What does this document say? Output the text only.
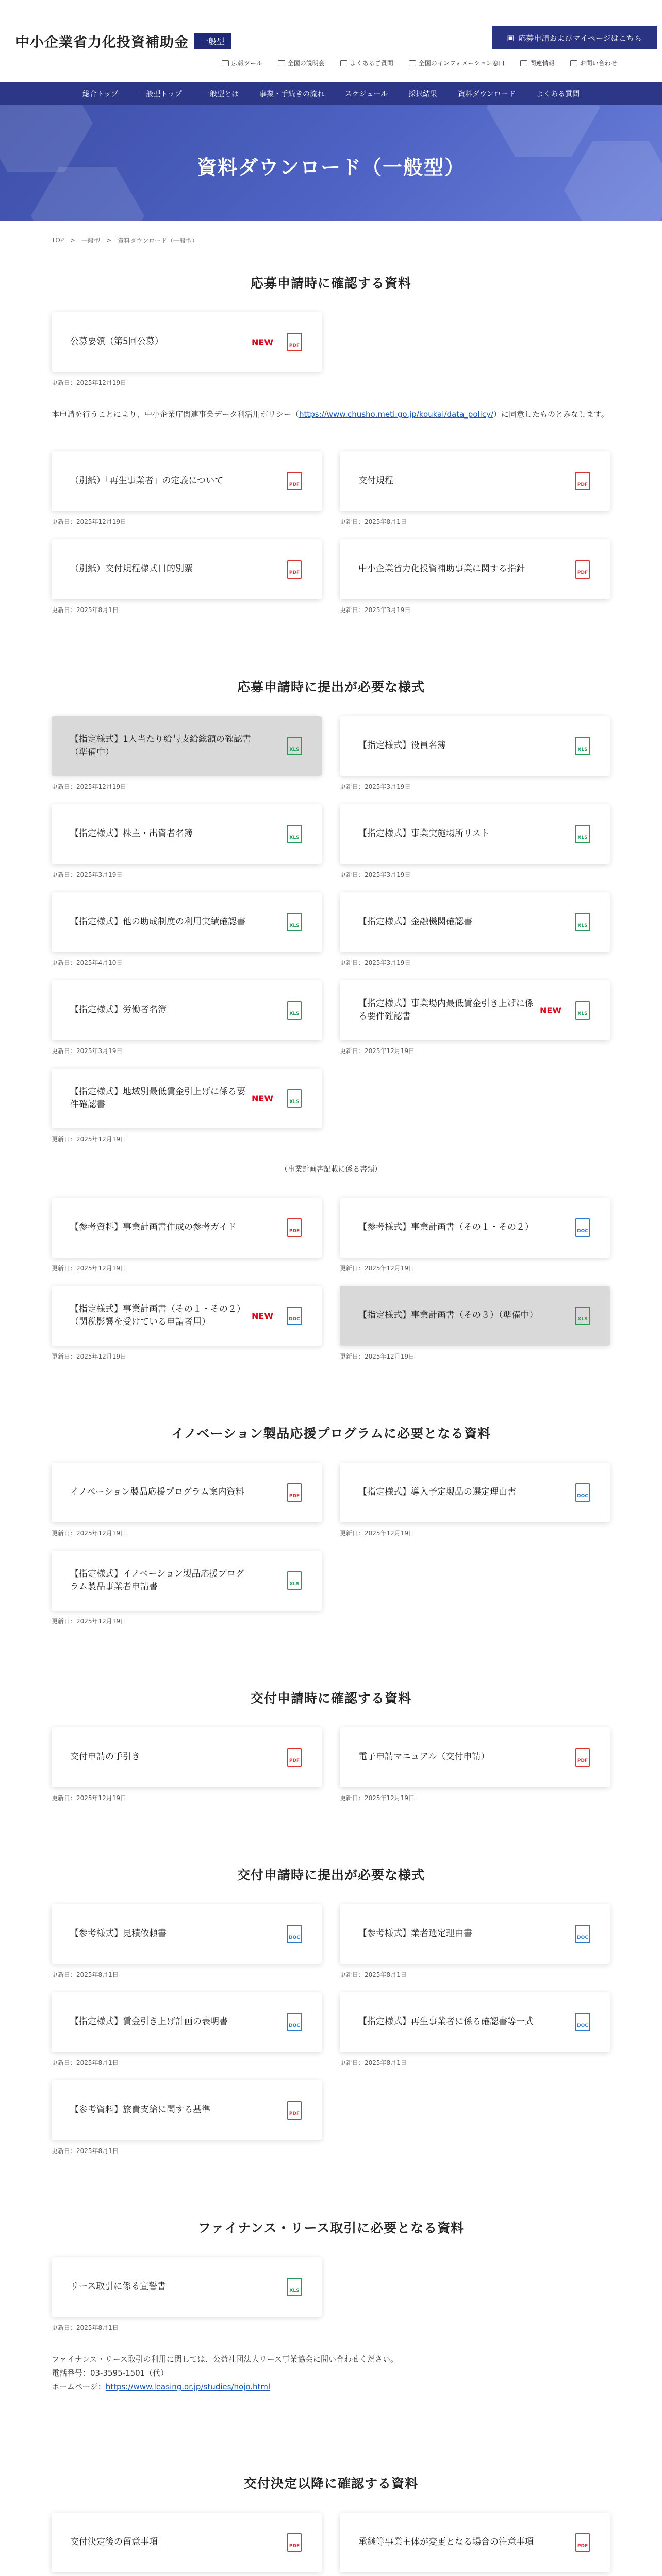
中小企業省力化投資補助金	一般型	▣ 応募申請およびマイページはこちら
広報ツール	全国の説明会	よくあるご質問	全国のインフォメーション窓口	関連情報	お問い合わせ
総合トップ	一般型トップ	一般型とは	事業・手続きの流れ	スケジュール	採択結果	資料ダウンロード	よくある質問
資料ダウンロード（一般型）
TOP > 一般型 > 資料ダウンロード（一般型）
応募申請時に確認する資料
公募要領（第5回公募）	NEW	PDF
更新日：2025年12月19日

本申請を行うことにより、中小企業庁関連事業データ利活用ポリシー（https://www.chusho.meti.go.jp/koukai/data_policy/）に同意したものとみなします。

（別紙）「再生事業者」の定義について	PDF
更新日：2025年12月19日
交付規程	PDF
更新日：2025年8月1日
（別紙）交付規程様式目的別票	PDF
更新日：2025年8月1日
中小企業省力化投資補助事業に関する指針	PDF
更新日：2025年3月19日
応募申請時に提出が必要な様式
【指定様式】1人当たり給与支給総額の確認書（準備中）	XLS
更新日：2025年12月19日
【指定様式】役員名簿	XLS
更新日：2025年3月19日
【指定様式】株主・出資者名簿	XLS
更新日：2025年3月19日
【指定様式】事業実施場所リスト	XLS
更新日：2025年3月19日
【指定様式】他の助成制度の利用実績確認書	XLS
更新日：2025年4月10日
【指定様式】金融機関確認書	XLS
更新日：2025年3月19日
【指定様式】労働者名簿	XLS
更新日：2025年3月19日
【指定様式】事業場内最低賃金引き上げに係る要件確認書
NEW	XLS
更新日：2025年12月19日
【指定様式】地域別最低賃金引上げに係る要件確認書
NEW	XLS
更新日：2025年12月19日

（事業計画書記載に係る書類）

【参考資料】事業計画書作成の参考ガイド	PDF
更新日：2025年12月19日
【参考様式】事業計画書（その１・その２）	DOC
更新日：2025年12月19日
【指定様式】事業計画書（その１・その２）（関税影響を受けている申請者用）
NEW	DOC
更新日：2025年12月19日
【指定様式】事業計画書（その３）（準備中）	XLS
更新日：2025年12月19日
イノベーション製品応援プログラムに必要となる資料
イノベーション製品応援プログラム案内資料	PDF
更新日：2025年12月19日
【指定様式】導入予定製品の選定理由書	DOC
更新日：2025年12月19日
【指定様式】イノベーション製品応援プログラム製品事業者申請書	XLS
更新日：2025年12月19日
交付申請時に確認する資料
交付申請の手引き	PDF
更新日：2025年12月19日
電子申請マニュアル（交付申請）	PDF
更新日：2025年12月19日
交付申請時に提出が必要な様式
【参考様式】見積依頼書	DOC
更新日：2025年8月1日
【参考様式】業者選定理由書	DOC
更新日：2025年8月1日
【指定様式】賃金引き上げ計画の表明書	DOC
更新日：2025年8月1日
【指定様式】再生事業者に係る確認書等一式	DOC
更新日：2025年8月1日
【参考資料】旅費支給に関する基準	PDF
更新日：2025年8月1日
ファイナンス・リース取引に必要となる資料
リース取引に係る宣誓書	XLS
更新日：2025年8月1日

ファイナンス・リース取引の利用に関しては、公益社団法人リース事業協会に問い合わせください。
電話番号：03-3595-1501（代）
ホームページ：https://www.leasing.or.jp/studies/hojo.html

交付決定以降に確認する資料
交付決定後の留意事項	PDF	承継等事業主体が変更となる場合の注意事項	PDF
